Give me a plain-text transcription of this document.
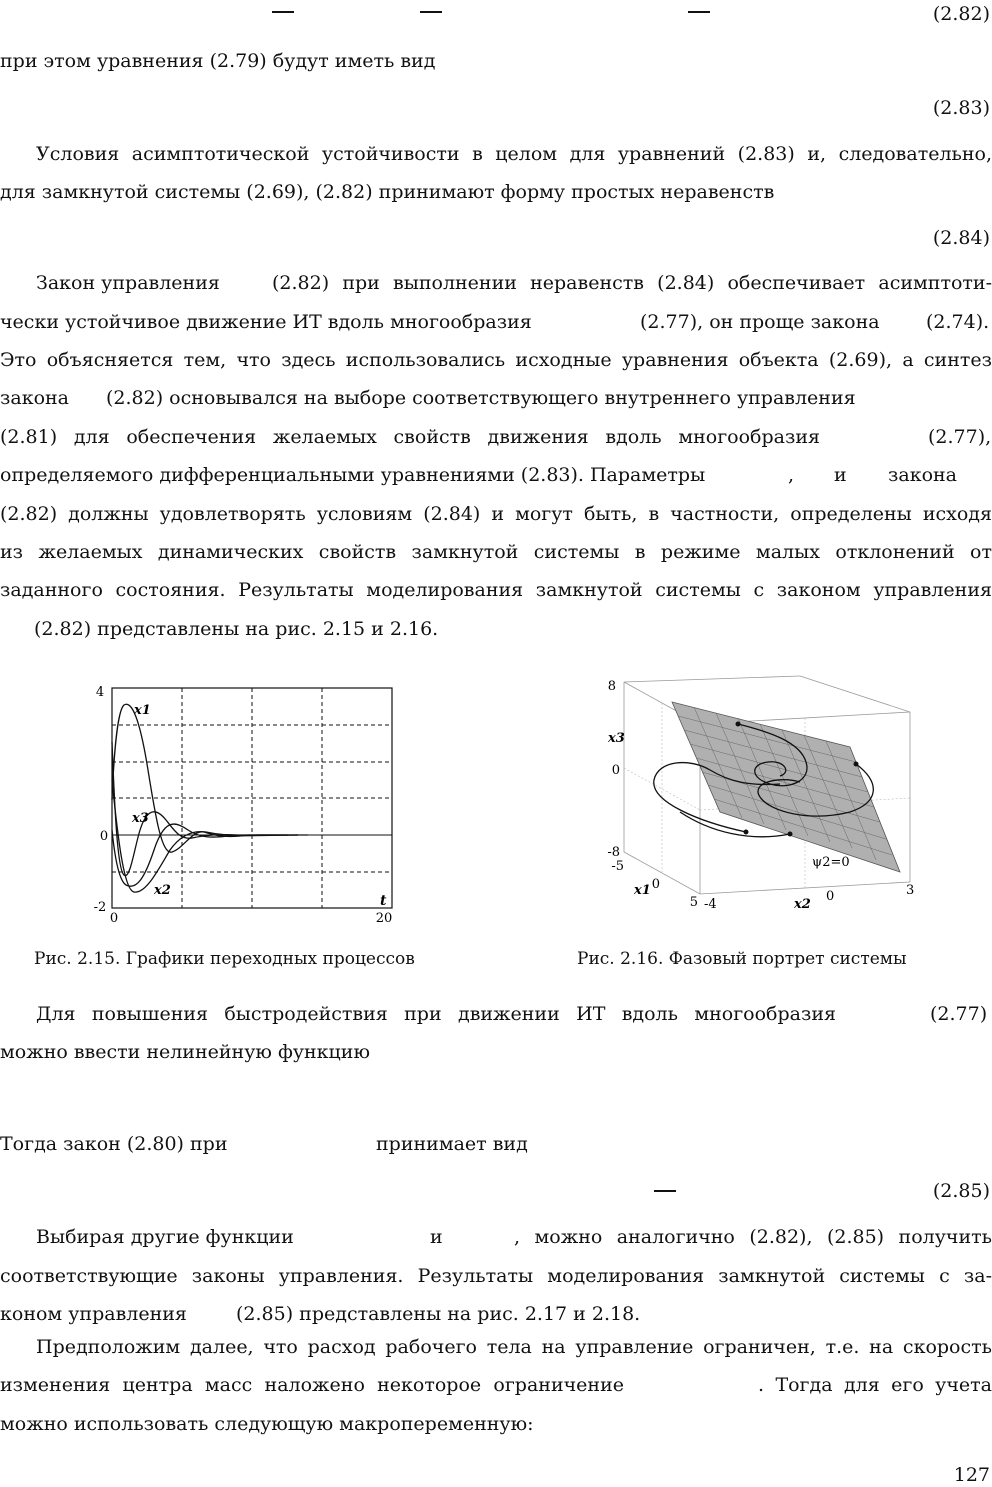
(2.82)
при этом уравнения (2.79) будут иметь вид
(2.83)
Условия асимптотической устойчивости в целом для уравнений (2.83) и, следовательно,
для замкнутой системы (2.69), (2.82) принимают форму простых неравенств
(2.84)
Закон управления	(2.82) при выполнении неравенств (2.84) обеспечивает асимптоти-
чески устойчивое движение ИТ вдоль многообразия	(2.77), он проще закона (2.74).
Это объясняется тем, что здесь использовались исходные уравнения объекта (2.69), а синтез
закона (2.82) основывался на выборе соответствующего внутреннего управления
(2.81) для обеспечения желаемых свойств движения вдоль многообразия	(2.77),
определяемого дифференциальными уравнениями (2.83). Параметры	, и закона
(2.82) должны удовлетворять условиям (2.84) и могут быть, в частности, определены исходя
из желаемых динамических свойств замкнутой системы в режиме малых отклонений от
заданного состояния. Результаты моделирования замкнутой системы с законом управления
(2.82) представлены на рис. 2.15 и 2.16.
4
0
-2
0	20
t
x1
x2
x3
8
0
-8
x3
-5
0
5
x1
-4
0	3
x2
ψ2=0
Рис. 2.15. Графики переходных процессов	Рис. 2.16. Фазовый портрет системы
Для повышения быстродействия при движении ИТ вдоль многообразия	(2.77)
можно ввести нелинейную функцию
Тогда закон (2.80) при	принимает вид
(2.85)
Выбирая другие функции	и	, можно аналогично (2.82), (2.85) получить
соответствующие законы управления. Результаты моделирования замкнутой системы с за-
коном управления	(2.85) представлены на рис. 2.17 и 2.18.
Предположим далее, что расход рабочего тела на управление ограничен, т.е. на скорость
изменения центра масс наложено некоторое ограничение	. Тогда для его учета
можно использовать следующую макропеременную:
127
